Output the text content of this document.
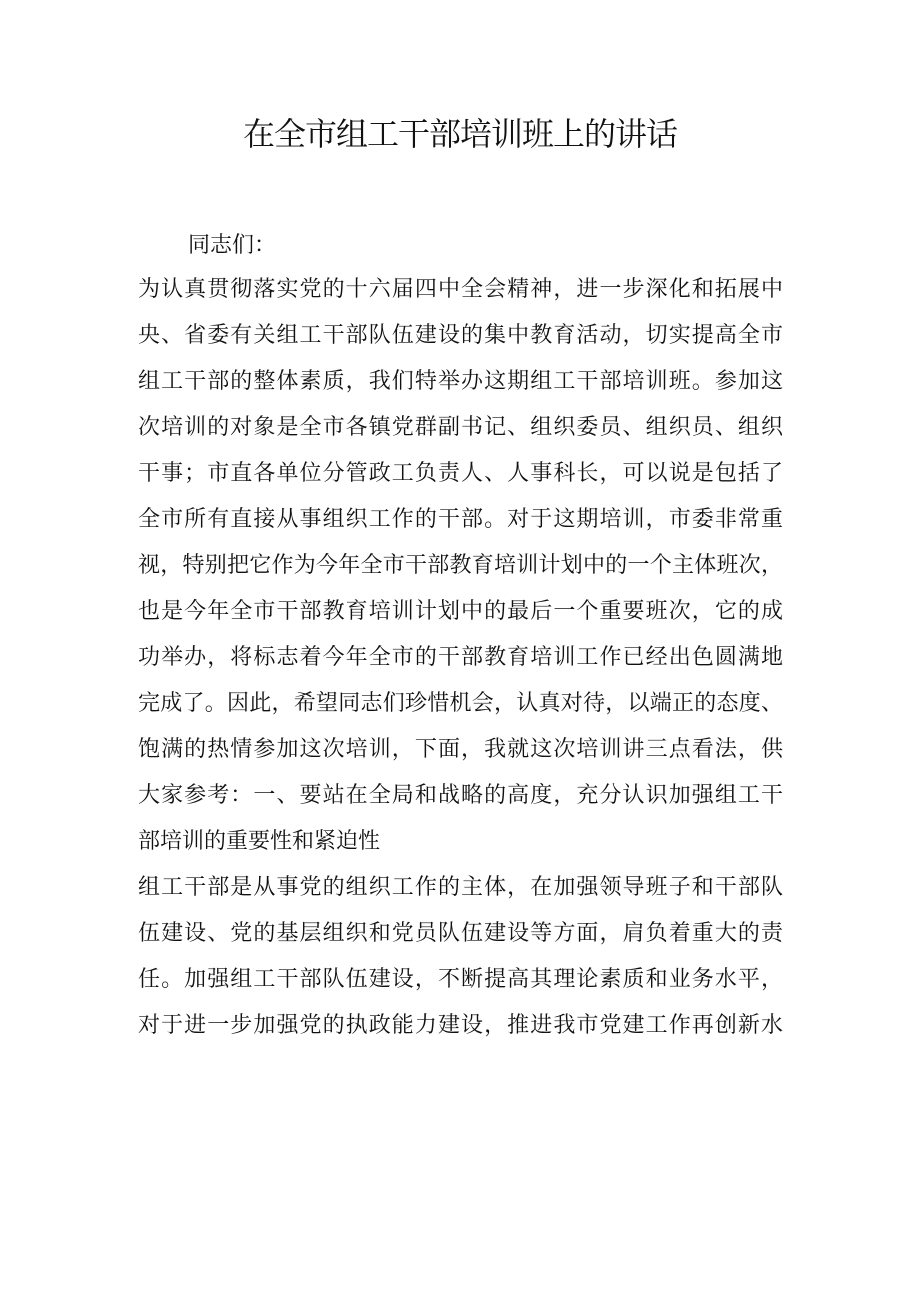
在全市组工干部培训班上的讲话
同志们：
为认真贯彻落实党的十六届四中全会精神，进一步深化和拓展中
央、省委有关组工干部队伍建设的集中教育活动，切实提高全市
组工干部的整体素质，我们特举办这期组工干部培训班。参加这
次培训的对象是全市各镇党群副书记、组织委员、组织员、组织
干事；市直各单位分管政工负责人、人事科长，可以说是包括了
全市所有直接从事组织工作的干部。对于这期培训，市委非常重
视，特别把它作为今年全市干部教育培训计划中的一个主体班次，
也是今年全市干部教育培训计划中的最后一个重要班次，它的成
功举办，将标志着今年全市的干部教育培训工作已经出色圆满地
完成了。因此，希望同志们珍惜机会，认真对待，以端正的态度、
饱满的热情参加这次培训，下面，我就这次培训讲三点看法，供
大家参考：一、要站在全局和战略的高度，充分认识加强组工干
部培训的重要性和紧迫性
组工干部是从事党的组织工作的主体，在加强领导班子和干部队
伍建设、党的基层组织和党员队伍建设等方面，肩负着重大的责
任。加强组工干部队伍建设，不断提高其理论素质和业务水平，
对于进一步加强党的执政能力建设，推进我市党建工作再创新水
